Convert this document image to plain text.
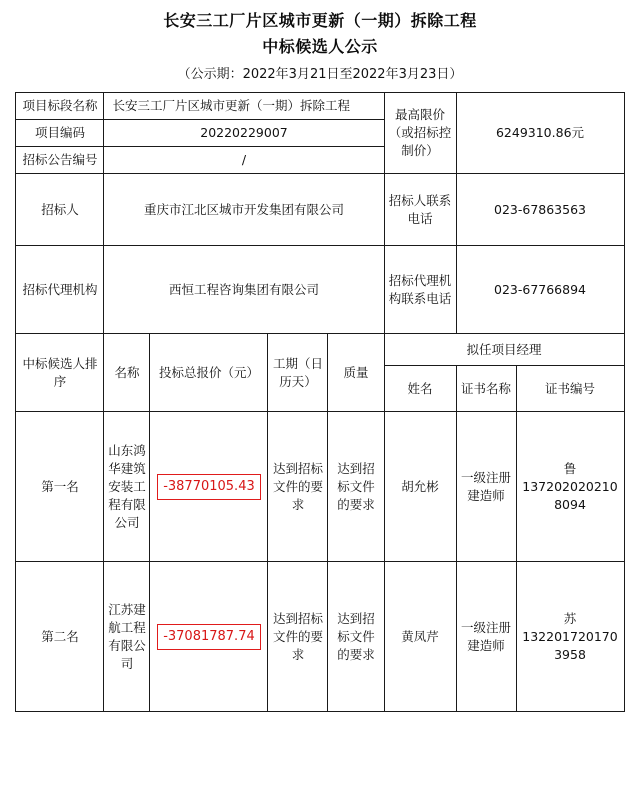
长安三工厂片区城市更新（一期）拆除工程
中标候选人公示
（公示期：2022年3月21日至2022年3月23日）
项目标段名称	长安三工厂片区城市更新（一期）拆除工程				最高限价（或招标控制价）	6249310.86元	
项目编码	20220229007						
招标公告编号	/						
招标人	重庆市江北区城市开发集团有限公司				招标人联系电话	023-67863563	
招标代理机构	西恒工程咨询集团有限公司				招标代理机构联系电话	023-67766894	
中标候选人排序	名称	投标总报价（元）	工期（日历天）	质量	拟任项目经理		
					姓名	证书名称	证书编号
第一名	山东鸿华建筑安装工程有限公司	-38770105.43	达到招标文件的要求	达到招标文件的要求	胡允彬	一级注册建造师	鲁1372020202108094
第二名	江苏建航工程有限公司	-37081787.74	达到招标文件的要求	达到招标文件的要求	黄凤芹	一级注册建造师	苏1322017201703958
